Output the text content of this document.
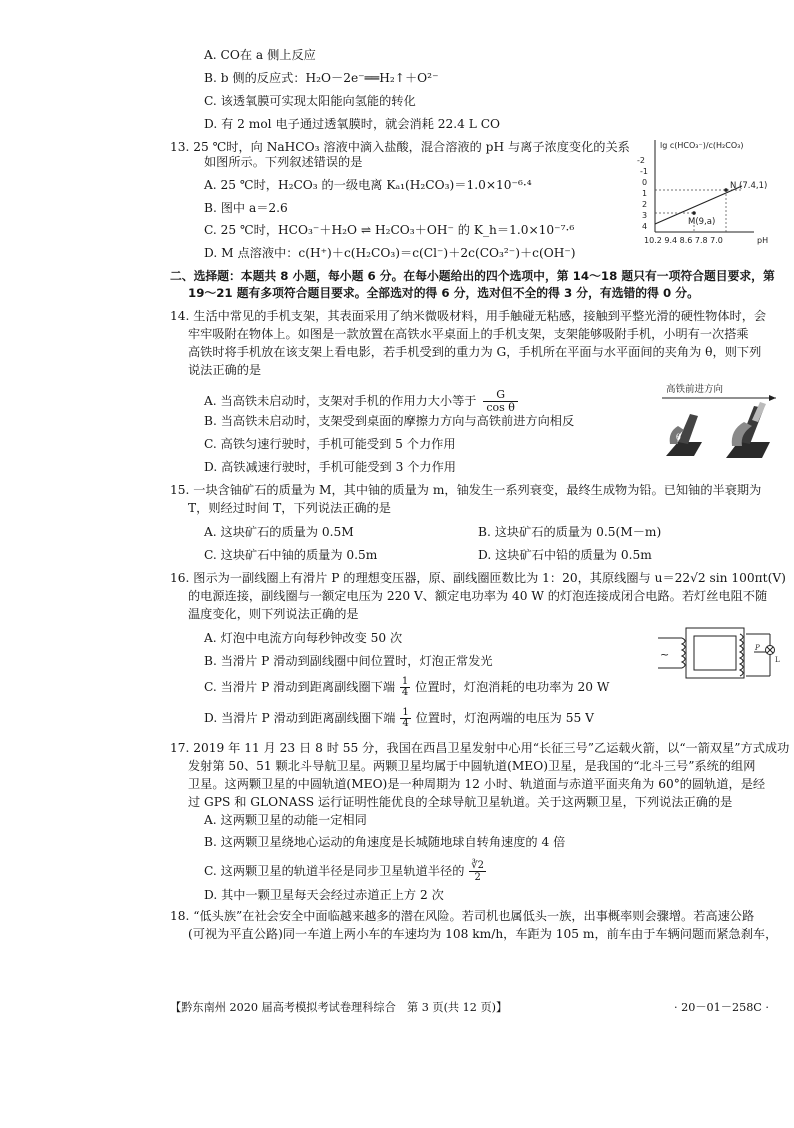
A. CO在 a 侧上反应
B. b 侧的反应式：H₂O－2e⁻══H₂↑＋O²⁻
C. 该透氧膜可实现太阳能向氢能的转化
D. 有 2 mol 电子通过透氧膜时，就会消耗 22.4 L CO
13. 25 ℃时，向 NaHCO₃ 溶液中滴入盐酸，混合溶液的 pH 与离子浓度变化的关系
如图所示。下列叙述错误的是
A. 25 ℃时，H₂CO₃ 的一级电离 Kₐ₁(H₂CO₃)＝1.0×10⁻⁶·⁴
B. 图中 a＝2.6
C. 25 ℃时，HCO₃⁻＋H₂O ⇌ H₂CO₃＋OH⁻ 的 K_h＝1.0×10⁻⁷·⁶
D. M 点溶液中：c(H⁺)＋c(H₂CO₃)＝c(Cl⁻)＋2c(CO₃²⁻)＋c(OH⁻)
lg c(HCO₃⁻)/c(H₂CO₃)
-2
-1
0
1
2
3
4
N (7.4,1)
M(9,a)
10.2 9.4 8.6 7.8 7.0	pH
二、选择题：本题共 8 小题，每小题 6 分。在每小题给出的四个选项中，第 14～18 题只有一项符合题目要求，第
19～21 题有多项符合题目要求。全部选对的得 6 分，选对但不全的得 3 分，有选错的得 0 分。
14. 生活中常见的手机支架，其表面采用了纳米微吸材料，用手触碰无粘感，接触到平整光滑的硬性物体时，会
牢牢吸附在物体上。如图是一款放置在高铁水平桌面上的手机支架，支架能够吸附手机，小明有一次搭乘
高铁时将手机放在该支架上看电影，若手机受到的重力为 G，手机所在平面与水平面间的夹角为 θ，则下列
说法正确的是
A. 当高铁未启动时，支架对手机的作用力大小等于 $\frac{G}{\text{cos θ}}$
B. 当高铁未启动时，支架受到桌面的摩擦力方向与高铁前进方向相反
C. 高铁匀速行驶时，手机可能受到 5 个力作用
D. 高铁减速行驶时，手机可能受到 3 个力作用
高铁前进方向
θ
15. 一块含铀矿石的质量为 M，其中铀的质量为 m，铀发生一系列衰变，最终生成物为铅。已知铀的半衰期为
T，则经过时间 T，下列说法正确的是
A. 这块矿石的质量为 0.5M	B. 这块矿石的质量为 0.5(M－m)
C. 这块矿石中铀的质量为 0.5m	D. 这块矿石中铅的质量为 0.5m
16. 图示为一副线圈上有滑片 P 的理想变压器，原、副线圈匝数比为 1：20，其原线圈与 u＝22√2 sin 100πt(V)
的电源连接，副线圈与一额定电压为 220 V、额定电功率为 40 W 的灯泡连接成闭合电路。若灯丝电阻不随
温度变化，则下列说法正确的是
A. 灯泡中电流方向每秒钟改变 50 次
B. 当滑片 P 滑动到副线圈中间位置时，灯泡正常发光
C. 当滑片 P 滑动到距离副线圈下端 $\frac{1}{4}$ 位置时，灯泡消耗的电功率为 20 W
D. 当滑片 P 滑动到距离副线圈下端 $\frac{1}{4}$ 位置时，灯泡两端的电压为 55 V
~	P
L
17. 2019 年 11 月 23 日 8 时 55 分，我国在西昌卫星发射中心用“长征三号”乙运载火箭，以“一箭双星”方式成功
发射第 50、51 颗北斗导航卫星。两颗卫星均属于中圆轨道(MEO)卫星，是我国的“北斗三号”系统的组网
卫星。这两颗卫星的中圆轨道(MEO)是一种周期为 12 小时、轨道面与赤道平面夹角为 60°的圆轨道，是经
过 GPS 和 GLONASS 运行证明性能优良的全球导航卫星轨道。关于这两颗卫星，下列说法正确的是
A. 这两颗卫星的动能一定相同
B. 这两颗卫星绕地心运动的角速度是长城随地球自转角速度的 4 倍
C. 这两颗卫星的轨道半径是同步卫星轨道半径的 $\frac{∛2}{2}$
D. 其中一颗卫星每天会经过赤道正上方 2 次
18. “低头族”在社会安全中面临越来越多的潜在风险。若司机也属低头一族，出事概率则会骤增。若高速公路
(可视为平直公路)同一车道上两小车的车速均为 108 km/h，车距为 105 m，前车由于车辆问题而紧急刹车，
【黔东南州 2020 届高考模拟考试卷理科综合　第 3 页(共 12 页)】	· 20－01－258C ·
